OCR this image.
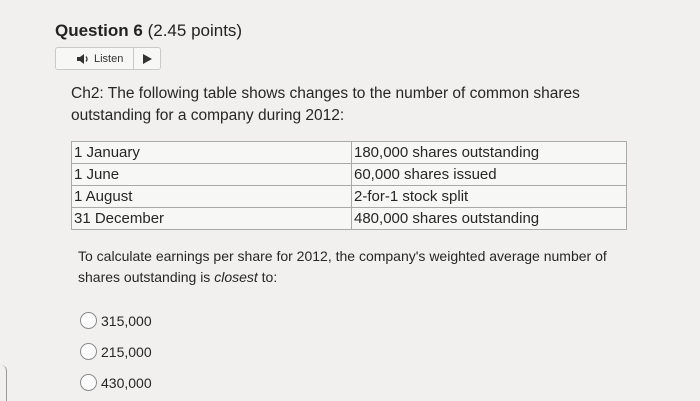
Question 6 (2.45 points)
Listen
Ch2: The following table shows changes to the number of common shares outstanding for a company during 2012:
1 January	180,000 shares outstanding
1 June	60,000 shares issued
1 August	2-for-1 stock split
31 December	480,000 shares outstanding
To calculate earnings per share for 2012, the company's weighted average number of shares outstanding is closest to:
315,000
215,000
430,000
